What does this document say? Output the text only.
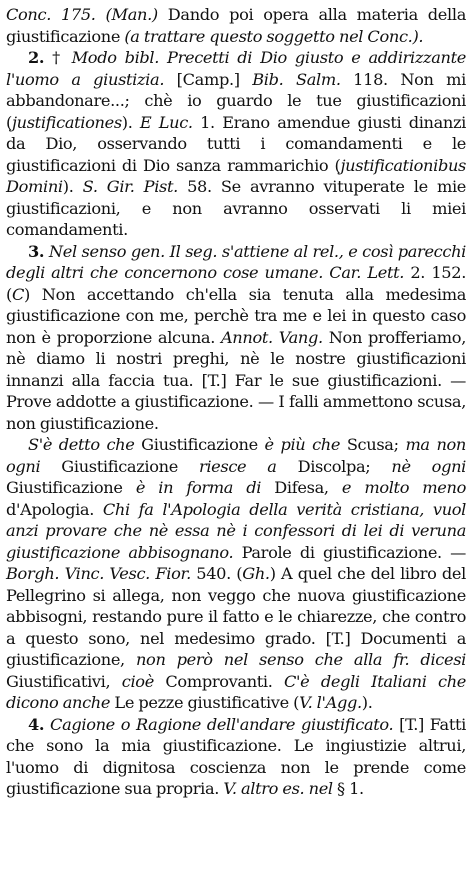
Conc. 175. (Man.) Dando poi opera alla materia della giustificazione (a trattare questo soggetto nel Conc.).
2. † Modo bibl. Precetti di Dio giusto e addirizzante l'uomo a giustizia. [Camp.] Bib. Salm. 118. Non mi abbandonare...; chè io guardo le tue giustificazioni (justificationes). E Luc. 1. Erano amendue giusti dinanzi da Dio, osservando tutti i comandamenti e le giustificazioni di Dio sanza rammarichio (justificationibus Domini). S. Gir. Pist. 58. Se avranno vituperate le mie giustificazioni, e non avranno osservati li miei comandamenti.
3. Nel senso gen. Il seg. s'attiene al rel., e così parecchi degli altri che concernono cose umane. Car. Lett. 2. 152. (C) Non accettando ch'ella sia tenuta alla medesima giustificazione con me, perchè tra me e lei in questo caso non è proporzione alcuna. Annot. Vang. Non profferiamo, nè diamo li nostri preghi, nè le nostre giustificazioni innanzi alla faccia tua. [T.] Far le sue giustificazioni. — Prove addotte a giustificazione. — I falli ammettono scusa, non giustificazione.
S'è detto che Giustificazione è più che Scusa; ma non ogni Giustificazione riesce a Discolpa; nè ogni Giustificazione è in forma di Difesa, e molto meno d'Apologia. Chi fa l'Apologia della verità cristiana, vuol anzi provare che nè essa nè i confessori di lei di veruna giustificazione abbisognano. Parole di giustificazione. — Borgh. Vinc. Vesc. Fior. 540. (Gh.) A quel che del libro del Pellegrino si allega, non veggo che nuova giustificazione abbisogni, restando pure il fatto e le chiarezze, che contro a questo sono, nel medesimo grado. [T.] Documenti a giustificazione, non però nel senso che alla fr. dicesi Giustificativi, cioè Comprovanti. C'è degli Italiani che dicono anche Le pezze giustificative (V. l'Agg.).
4. Cagione o Ragione dell'andare giustificato. [T.] Fatti che sono la mia giustificazione. Le ingiustizie altrui, l'uomo di dignitosa coscienza non le prende come giustificazione sua propria. V. altro es. nel § 1.
